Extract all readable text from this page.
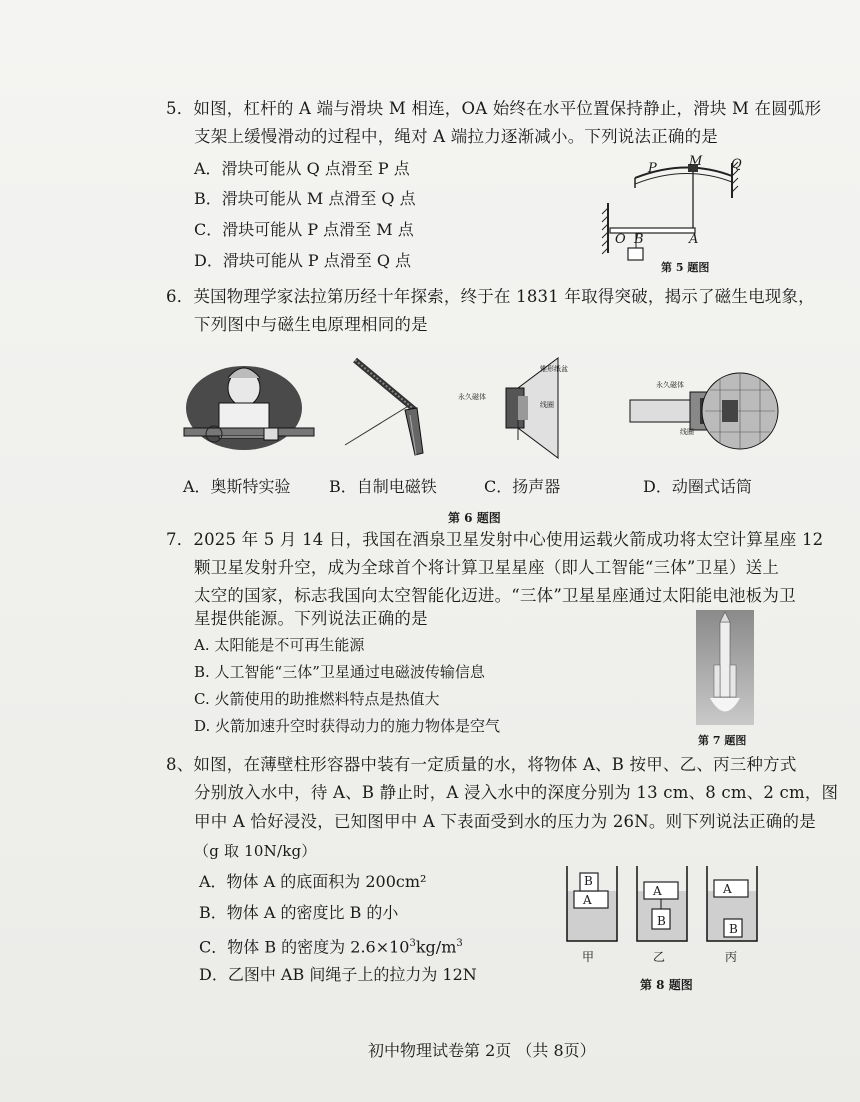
5．如图，杠杆的 A 端与滑块 M 相连，OA 始终在水平位置保持静止，滑块 M 在圆弧形
支架上缓慢滑动的过程中，绳对 A 端拉力逐渐减小。下列说法正确的是
A．滑块可能从 Q 点滑至 P 点
B．滑块可能从 M 点滑至 Q 点
C．滑块可能从 P 点滑至 M 点
D．滑块可能从 P 点滑至 Q 点
P M Q
O B	A
第 5 题图
6．英国物理学家法拉第历经十年探索，终于在 1831 年取得突破，揭示了磁生电现象，
下列图中与磁生电原理相同的是
锥形纸盆
永久磁体
线圈
永久磁体
线圈
A．奥斯特实验 B．自制电磁铁	C．扬声器	D．动圈式话筒
第 6 题图
7．2025 年 5 月 14 日，我国在酒泉卫星发射中心使用运载火箭成功将太空计算星座 12
颗卫星发射升空，成为全球首个将计算卫星星座（即人工智能“三体”卫星）送上
太空的国家，标志我国向太空智能化迈进。“三体”卫星星座通过太阳能电池板为卫
星提供能源。下列说法正确的是
A. 太阳能是不可再生能源
B. 人工智能“三体”卫星通过电磁波传输信息
C. 火箭使用的助推燃料特点是热值大
D. 火箭加速升空时获得动力的施力物体是空气
第 7 题图
8、如图，在薄壁柱形容器中装有一定质量的水，将物体 A、B 按甲、乙、丙三种方式
分别放入水中，待 A、B 静止时，A 浸入水中的深度分别为 13 cm、8 cm、2 cm，图
甲中 A 恰好浸没，已知图甲中 A 下表面受到水的压力为 26N。则下列说法正确的是
（g 取 10N/kg）
A．物体 A 的底面积为 200cm²
B．物体 A 的密度比 B 的小
C．物体 B 的密度为 $2.6\times 10^3kg/m^3$
D．乙图中 AB 间绳子上的拉力为 12N
B
A
A
B
A
B
甲	乙	丙
第 8 题图
初中物理试卷第 2页 （共 8页）
